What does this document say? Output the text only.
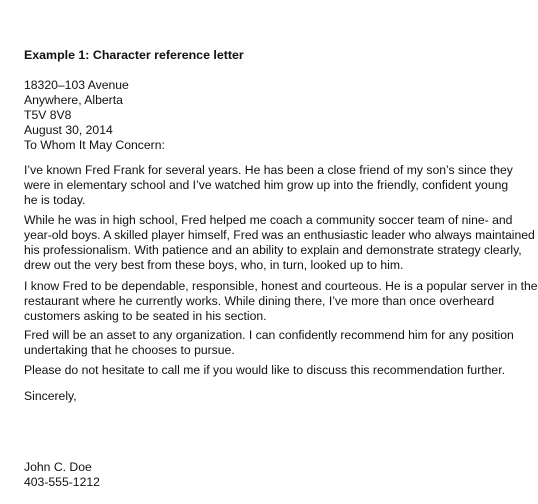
Example 1: Character reference letter
18320–103 Avenue
Anywhere, Alberta
T5V 8V8
August 30, 2014
To Whom It May Concern:
I’ve known Fred Frank for several years. He has been a close friend of my son’s since they
were in elementary school and I’ve watched him grow up into the friendly, confident young
he is today.
While he was in high school, Fred helped me coach a community soccer team of nine- and
year-old boys. A skilled player himself, Fred was an enthusiastic leader who always maintained
his professionalism. With patience and an ability to explain and demonstrate strategy clearly,
drew out the very best from these boys, who, in turn, looked up to him.
I know Fred to be dependable, responsible, honest and courteous. He is a popular server in the
restaurant where he currently works. While dining there, I’ve more than once overheard
customers asking to be seated in his section.
Fred will be an asset to any organization. I can confidently recommend him for any position
undertaking that he chooses to pursue.
Please do not hesitate to call me if you would like to discuss this recommendation further.
Sincerely,
John C. Doe
403-555-1212
